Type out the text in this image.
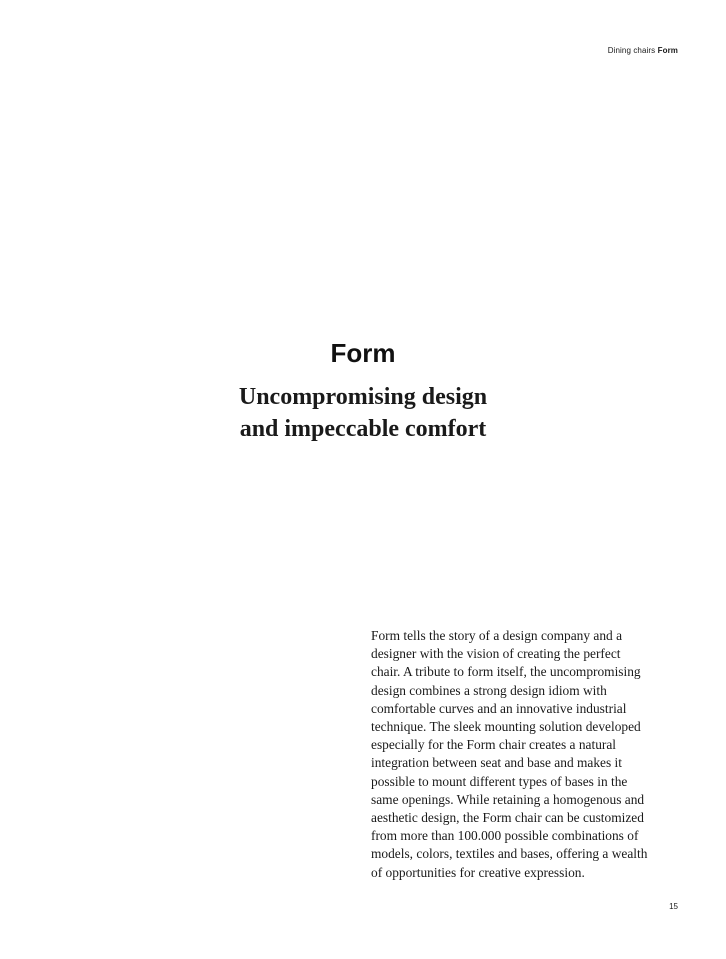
Dining chairs Form
Form
Uncompromising design
and impeccable comfort

Form tells the story of a design company and a
designer with the vision of creating the perfect
chair. A tribute to form itself, the uncompromising
design combines a strong design idiom with
comfortable curves and an innovative industrial
technique. The sleek mounting solution developed
especially for the Form chair creates a natural
integration between seat and base and makes it
possible to mount different types of bases in the
same openings. While retaining a homogenous and
aesthetic design, the Form chair can be customized
from more than 100.000 possible combinations of
models, colors, textiles and bases, offering a wealth
of opportunities for creative expression.

15
